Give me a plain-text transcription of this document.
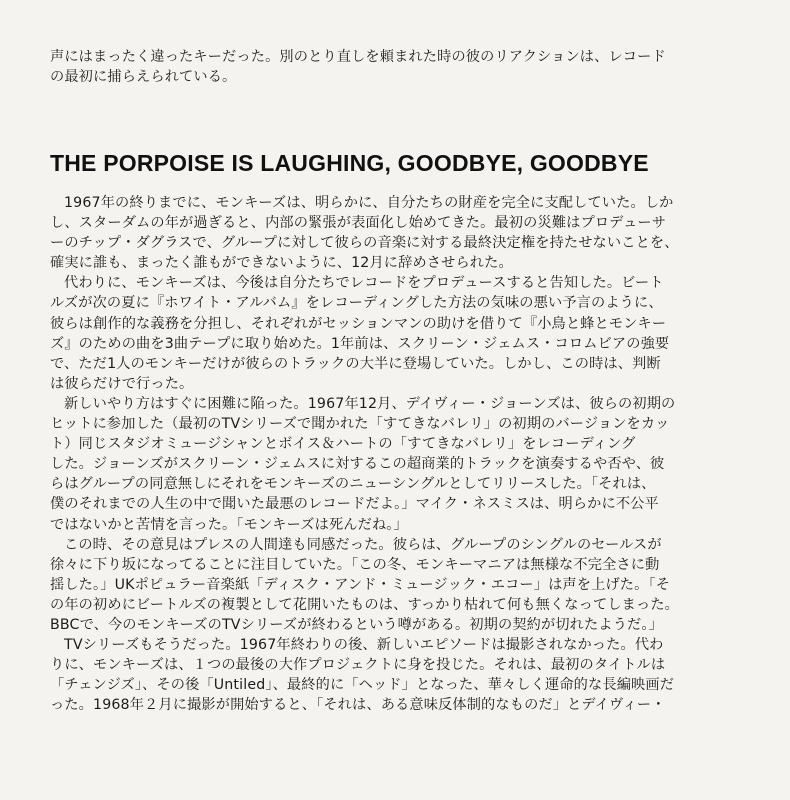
声にはまったく違ったキーだった。別のとり直しを頼まれた時の彼のリアクションは、レコード
の最初に捕らえられている。
THE PORPOISE IS LAUGHING, GOODBYE, GOODBYE
1967年の終りまでに、モンキーズは、明らかに、自分たちの財産を完全に支配していた。しか
し、スターダムの年が過ぎると、内部の緊張が表面化し始めてきた。最初の災難はプロデューサ
ーのチップ・ダグラスで、グループに対して彼らの音楽に対する最終決定権を持たせないことを、
確実に誰も、まったく誰もができないように、12月に辞めさせられた。
代わりに、モンキーズは、今後は自分たちでレコードをプロデュースすると告知した。ビート
ルズが次の夏に『ホワイト・アルバム』をレコーディングした方法の気味の悪い予言のように、
彼らは創作的な義務を分担し、それぞれがセッションマンの助けを借りて『小鳥と蜂とモンキー
ズ』のための曲を3曲テープに取り始めた。1年前は、スクリーン・ジェムス・コロムビアの強要
で、ただ1人のモンキーだけが彼らのトラックの大半に登場していた。しかし、この時は、判断
は彼らだけで行った。
新しいやり方はすぐに困難に陥った。1967年12月、デイヴィー・ジョーンズは、彼らの初期の
ヒットに参加した（最初のTVシリーズで聞かれた「すてきなバレリ」の初期のバージョンをカッ
ト）同じスタジオミュージシャンとボイス＆ハートの「すてきなバレリ」をレコーディング
した。ジョーンズがスクリーン・ジェムスに対するこの超商業的トラックを演奏するや否や、彼
らはグループの同意無しにそれをモンキーズのニューシングルとしてリリースした。「それは、
僕のそれまでの人生の中で聞いた最悪のレコードだよ。」マイク・ネスミスは、明らかに不公平
ではないかと苦情を言った。「モンキーズは死んだね。」
この時、その意見はプレスの人間達も同感だった。彼らは、グループのシングルのセールスが
徐々に下り坂になってることに注目していた。「この冬、モンキーマニアは無様な不完全さに動
揺した。」UKポピュラー音楽紙「ディスク・アンド・ミュージック・エコー」は声を上げた。「そ
の年の初めにビートルズの複製として花開いたものは、すっかり枯れて何も無くなってしまった。
BBCで、今のモンキーズのTVシリーズが終わるという噂がある。初期の契約が切れたようだ。」
TVシリーズもそうだった。1967年終わりの後、新しいエピソードは撮影されなかった。代わ
りに、モンキーズは、１つの最後の大作プロジェクトに身を投じた。それは、最初のタイトルは
「チェンジズ」、その後「Untiled」、最終的に「ヘッド」となった、華々しく運命的な長編映画だ
った。1968年２月に撮影が開始すると、「それは、ある意味反体制的なものだ」とデイヴィー・
